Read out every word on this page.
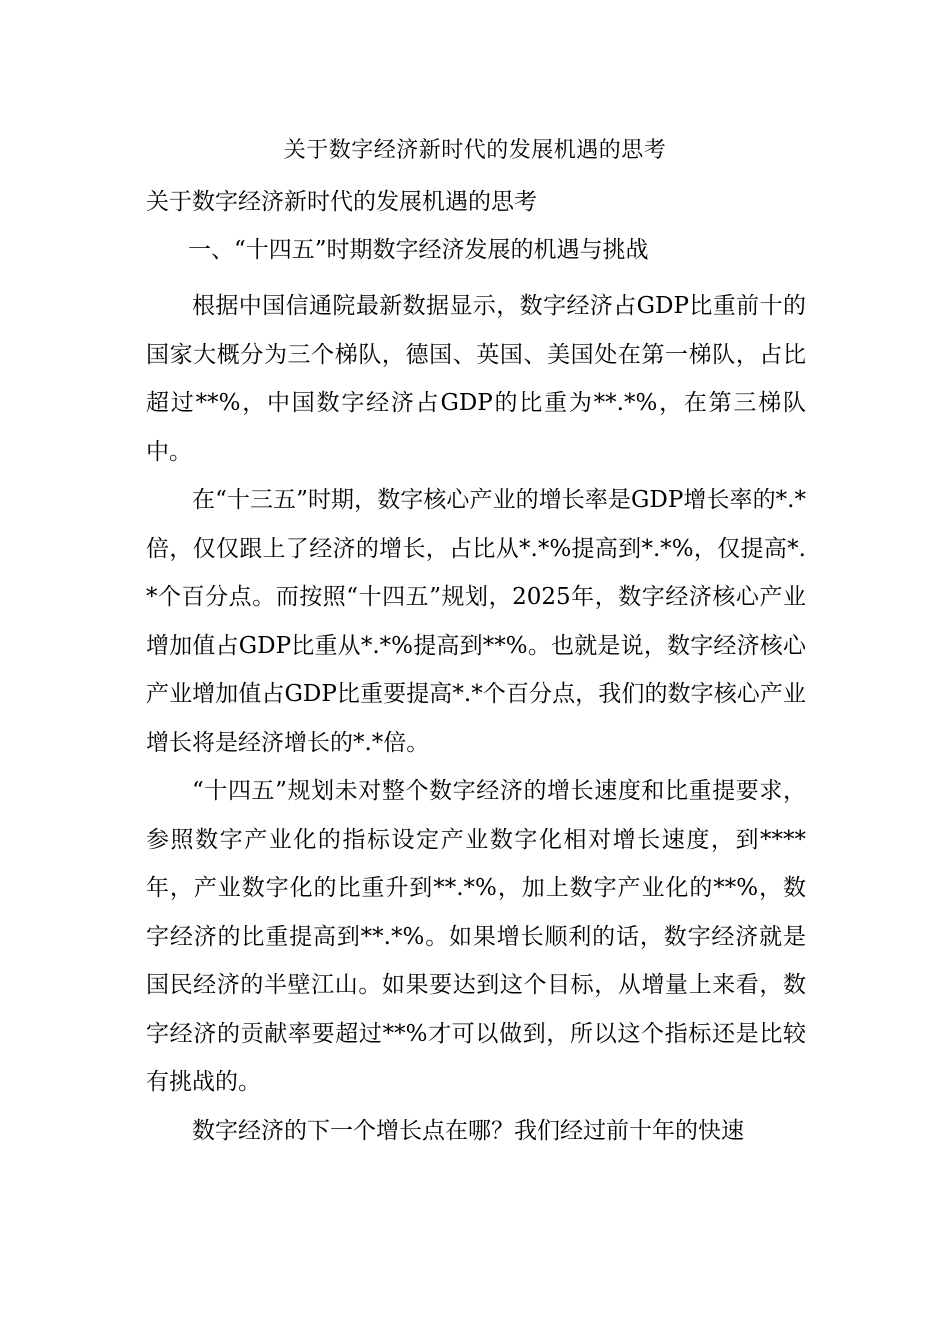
关于数字经济新时代的发展机遇的思考
关于数字经济新时代的发展机遇的思考
一、“十四五”时期数字经济发展的机遇与挑战

根据中国信通院最新数据显示，数字经济占GDP比重前十的国家大概分为三个梯队，德国、英国、美国处在第一梯队，占比超过**%，中国数字经济占GDP的比重为**.*%，在第三梯队中。

在“十三五”时期，数字核心产业的增长率是GDP增长率的*.*倍，仅仅跟上了经济的增长，占比从*.*%提高到*.*%，仅提高*.*个百分点。而按照“十四五”规划，2025年，数字经济核心产业增加值占GDP比重从*.*%提高到**%。也就是说，数字经济核心产业增加值占GDP比重要提高*.*个百分点，我们的数字核心产业增长将是经济增长的*.*倍。

“十四五”规划未对整个数字经济的增长速度和比重提要求，参照数字产业化的指标设定产业数字化相对增长速度，到****年，产业数字化的比重升到**.*%，加上数字产业化的**%，数字经济的比重提高到**.*%。如果增长顺利的话，数字经济就是国民经济的半壁江山。如果要达到这个目标，从增量上来看，数字经济的贡献率要超过**%才可以做到，所以这个指标还是比较有挑战的。

数字经济的下一个增长点在哪？我们经过前十年的快速
